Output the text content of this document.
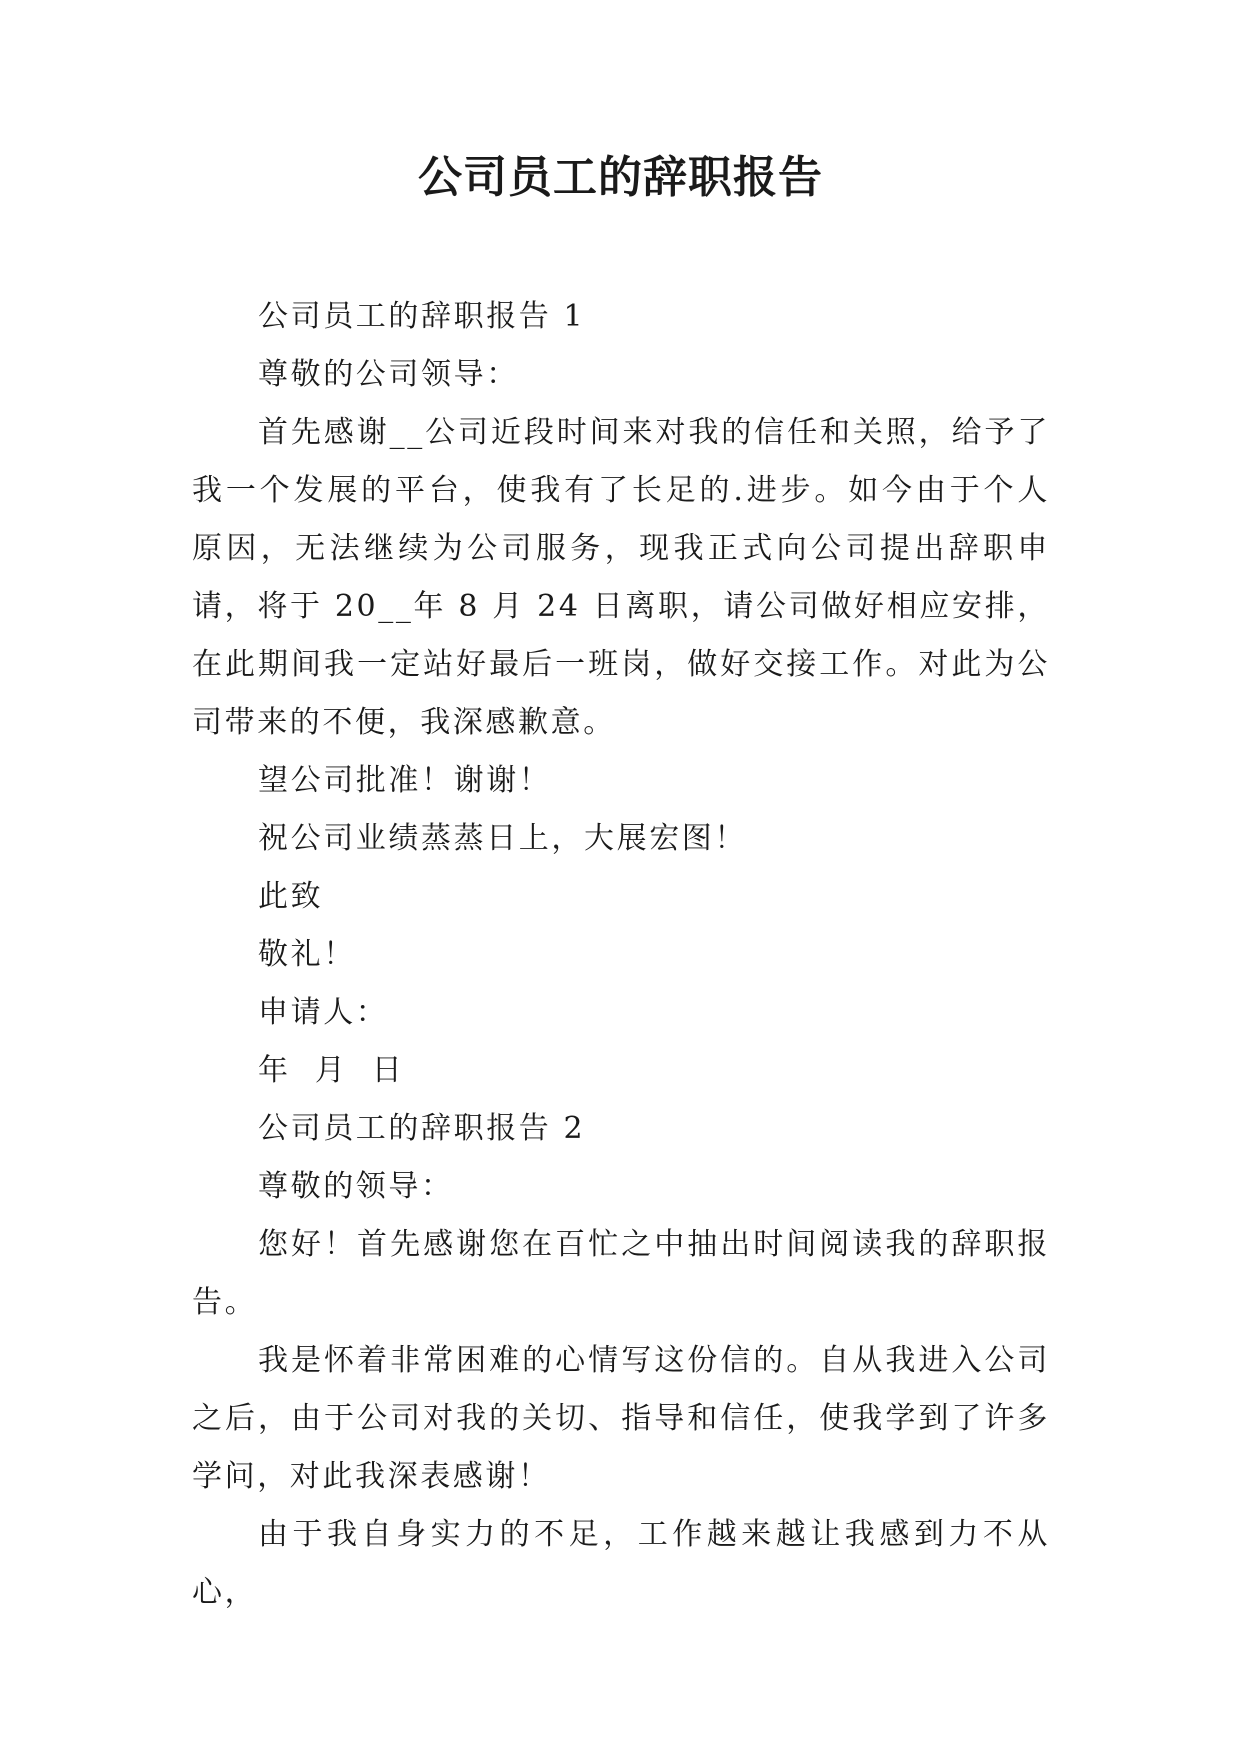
公司员工的辞职报告

公司员工的辞职报告 1

尊敬的公司领导：

首先感谢__公司近段时间来对我的信任和关照，给予了我一个发展的平台，使我有了长足的.进步。如今由于个人原因，无法继续为公司服务，现我正式向公司提出辞职申请，将于 20__年 8 月 24 日离职，请公司做好相应安排，在此期间我一定站好最后一班岗，做好交接工作。对此为公司带来的不便，我深感歉意。

望公司批准！谢谢！

祝公司业绩蒸蒸日上，大展宏图！

此致

敬礼！

申请人：

年  月  日

公司员工的辞职报告 2

尊敬的领导：

您好！首先感谢您在百忙之中抽出时间阅读我的辞职报告。

我是怀着非常困难的心情写这份信的。自从我进入公司之后，由于公司对我的关切、指导和信任，使我学到了许多学问，对此我深表感谢！

由于我自身实力的不足，工作越来越让我感到力不从心，
